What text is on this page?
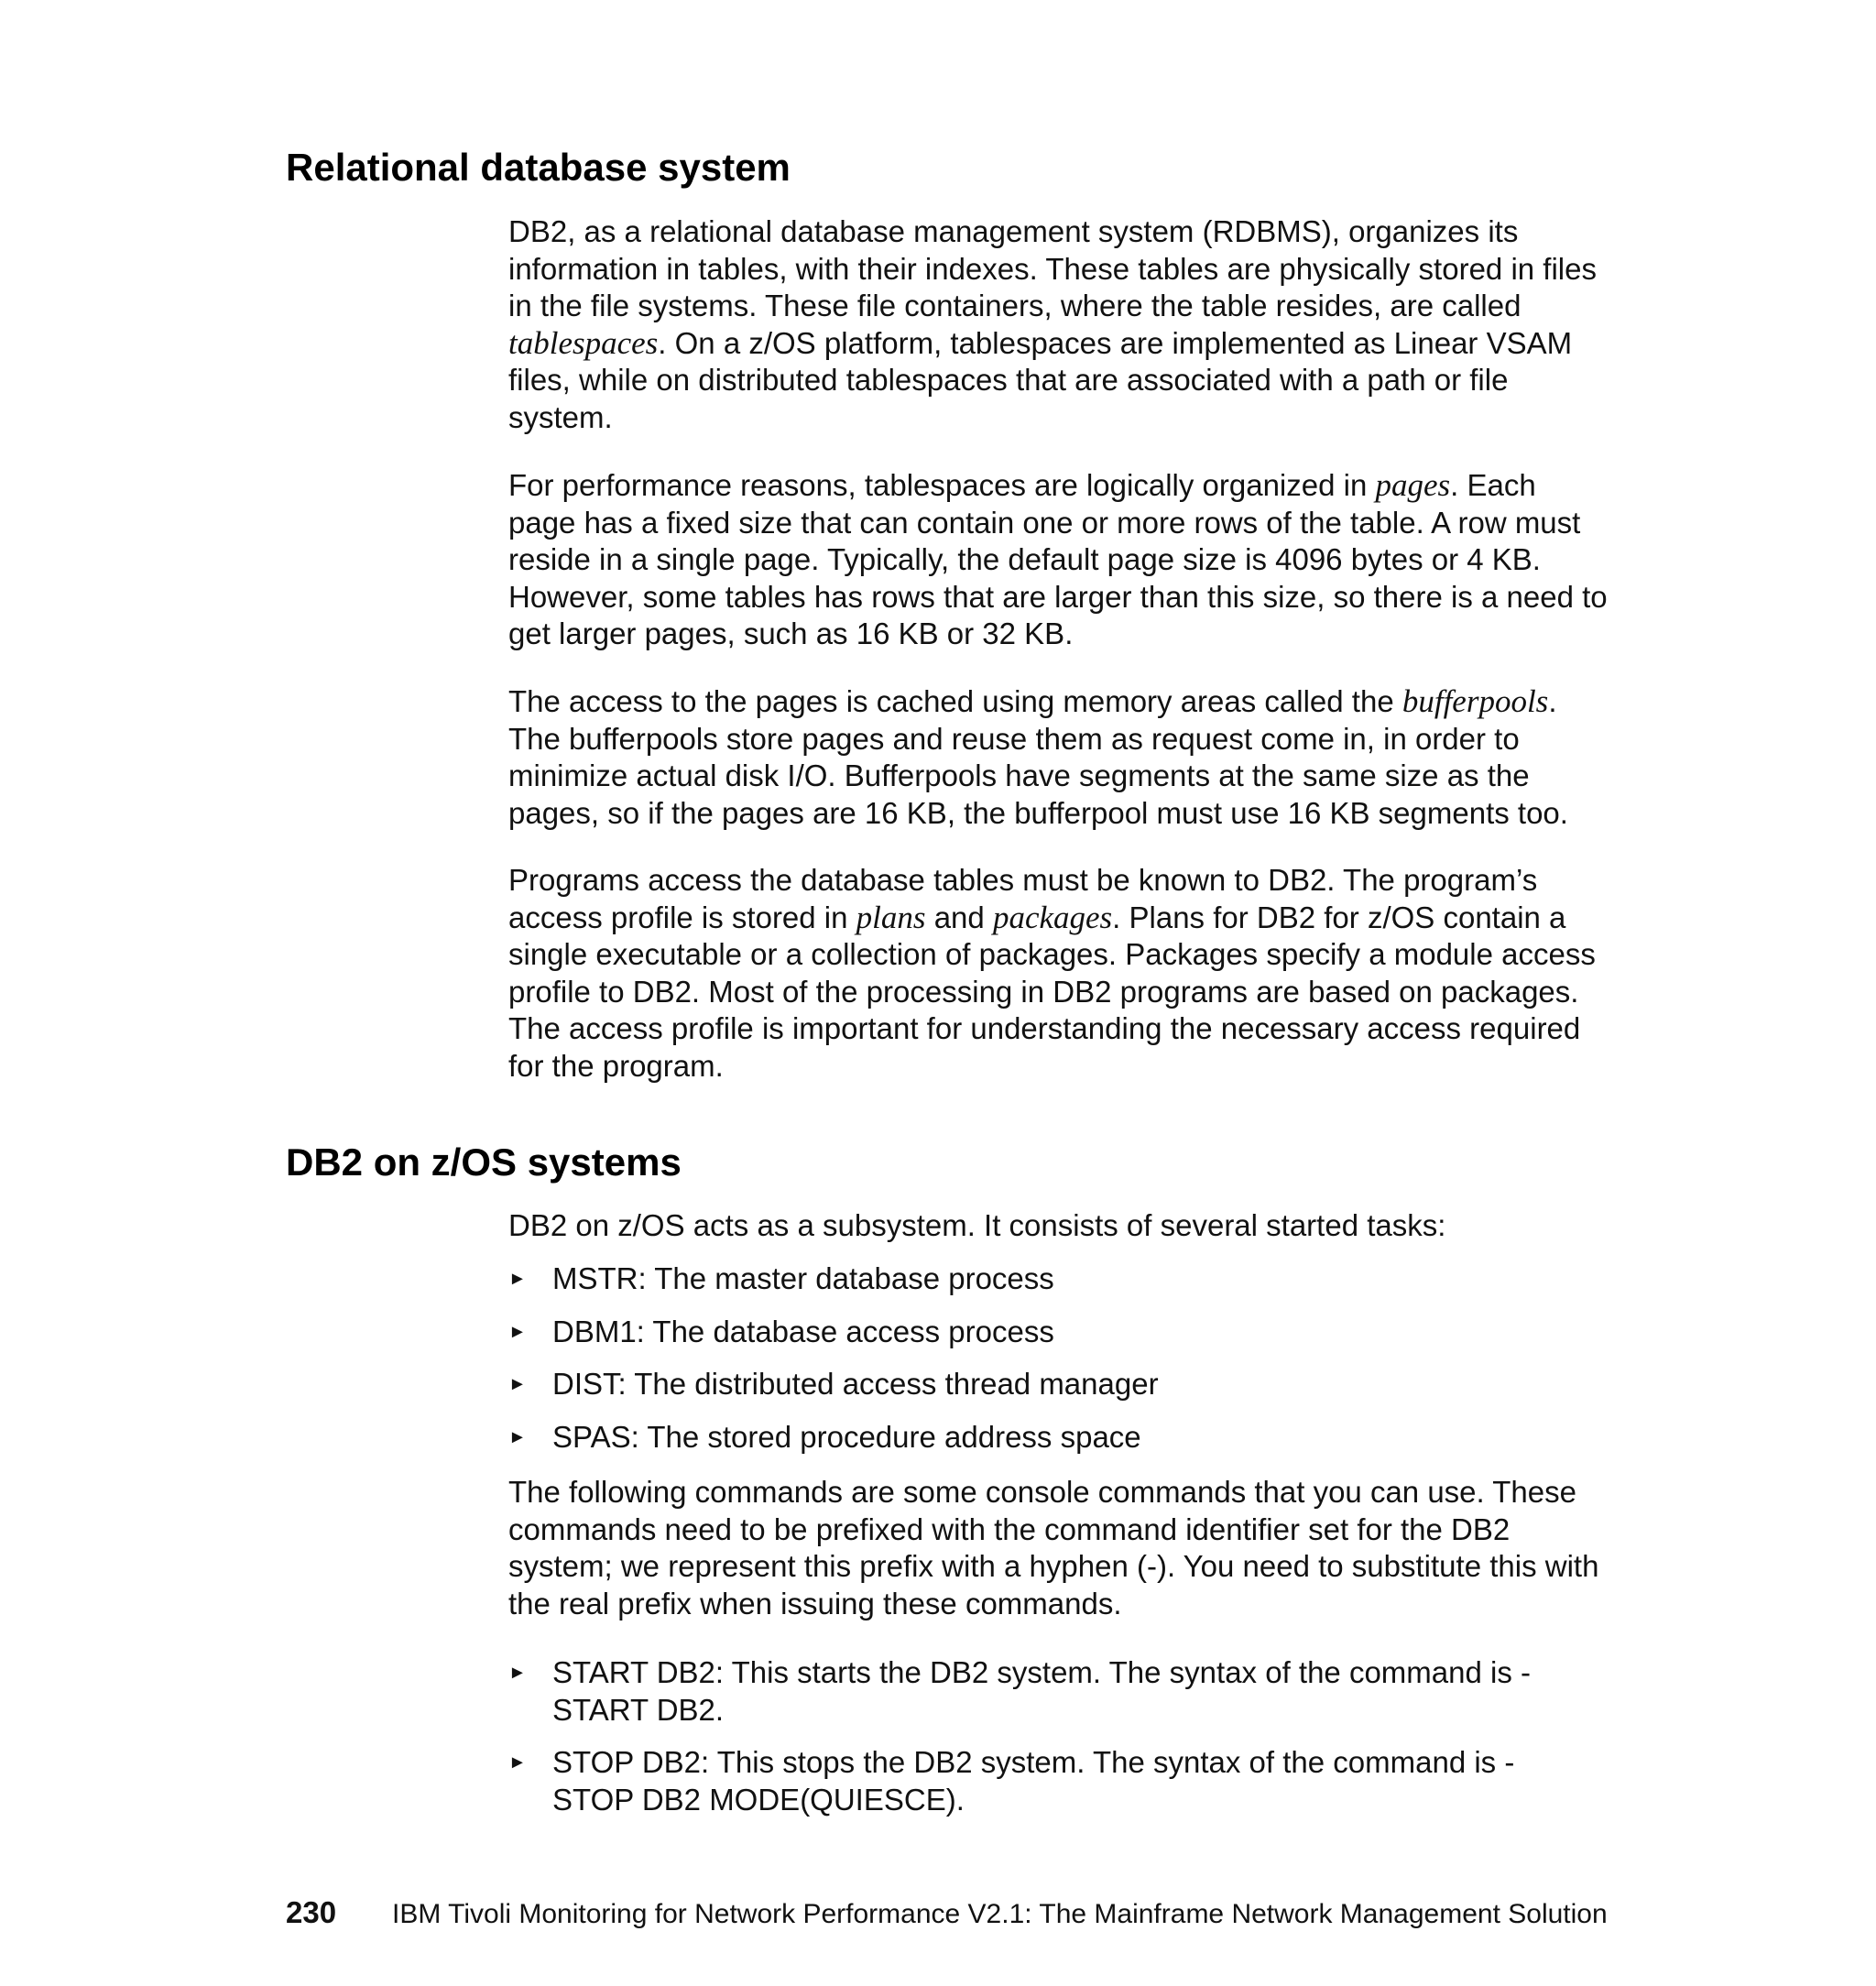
Relational database system

DB2, as a relational database management system (RDBMS), organizes its information in tables, with their indexes. These tables are physically stored in files in the file systems. These file containers, where the table resides, are called tablespaces. On a z/OS platform, tablespaces are implemented as Linear VSAM files, while on distributed tablespaces that are associated with a path or file system.

For performance reasons, tablespaces are logically organized in pages. Each page has a fixed size that can contain one or more rows of the table. A row must reside in a single page. Typically, the default page size is 4096 bytes or 4 KB. However, some tables has rows that are larger than this size, so there is a need to get larger pages, such as 16 KB or 32 KB.

The access to the pages is cached using memory areas called the bufferpools. The bufferpools store pages and reuse them as request come in, in order to minimize actual disk I/O. Bufferpools have segments at the same size as the pages, so if the pages are 16 KB, the bufferpool must use 16 KB segments too.

Programs access the database tables must be known to DB2. The program’s access profile is stored in plans and packages. Plans for DB2 for z/OS contain a single executable or a collection of packages. Packages specify a module access profile to DB2. Most of the processing in DB2 programs are based on packages. The access profile is important for understanding the necessary access required for the program.

DB2 on z/OS systems

DB2 on z/OS acts as a subsystem. It consists of several started tasks:

► MSTR: The master database process
► DBM1: The database access process
► DIST: The distributed access thread manager
► SPAS: The stored procedure address space

The following commands are some console commands that you can use. These commands need to be prefixed with the command identifier set for the DB2 system; we represent this prefix with a hyphen (-). You need to substitute this with the real prefix when issuing these commands.

► START DB2: This starts the DB2 system. The syntax of the command is -START DB2.
► STOP DB2: This stops the DB2 system. The syntax of the command is -STOP DB2 MODE(QUIESCE).
230 IBM Tivoli Monitoring for Network Performance V2.1: The Mainframe Network Management Solution
